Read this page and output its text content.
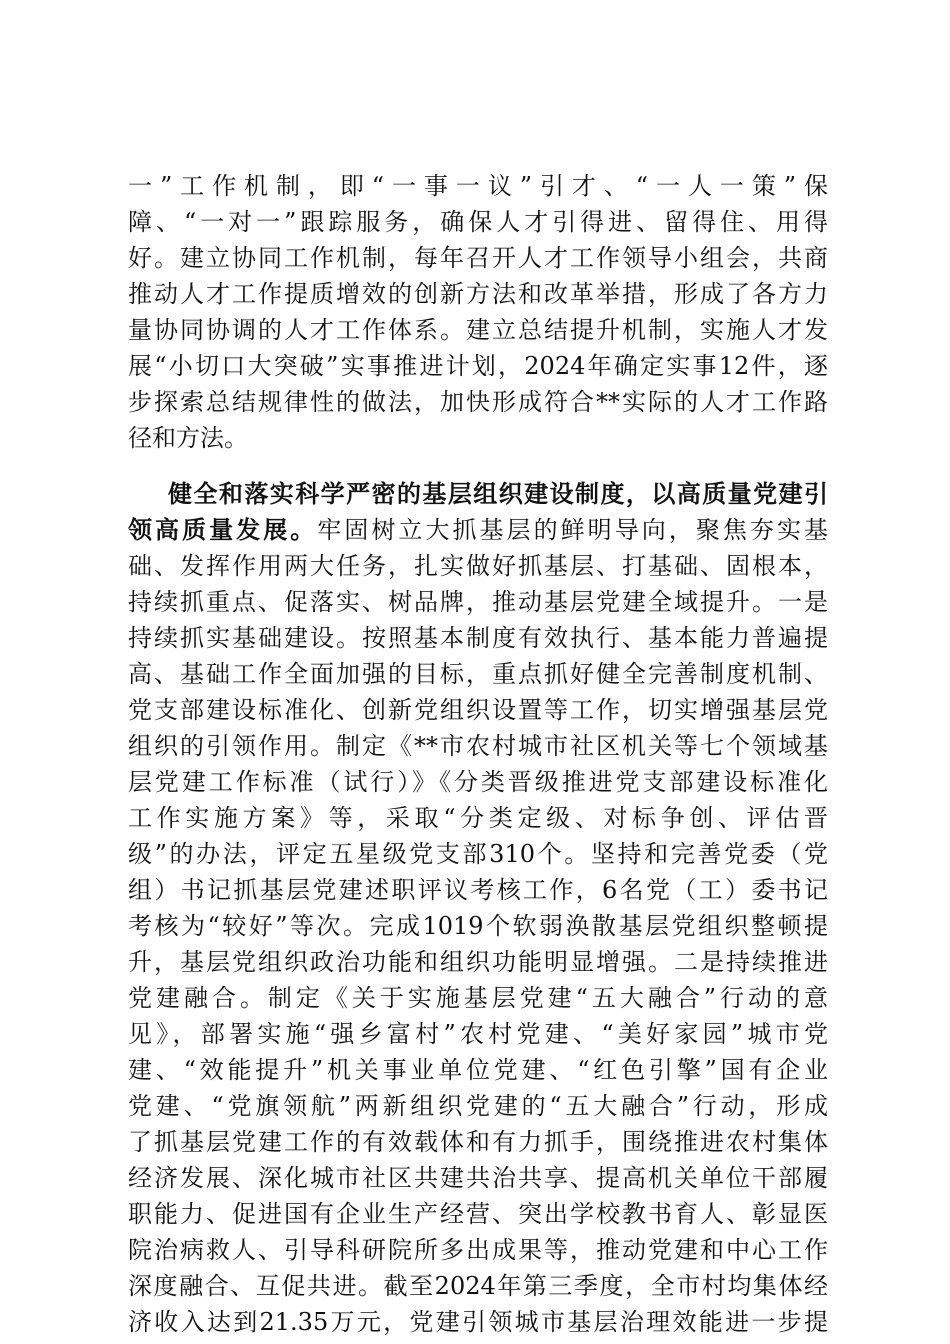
一”工作机制，即“一事一议”引才、“一人一策”保
障、“一对一”跟踪服务，确保人才引得进、留得住、用得
好。建立协同工作机制，每年召开人才工作领导小组会，共商
推动人才工作提质增效的创新方法和改革举措，形成了各方力
量协同协调的人才工作体系。建立总结提升机制，实施人才发
展“小切口大突破”实事推进计划，2024年确定实事12件，逐
步探索总结规律性的做法，加快形成符合**实际的人才工作路
径和方法。
健全和落实科学严密的基层组织建设制度，以高质量党建引
领高质量发展。牢固树立大抓基层的鲜明导向，聚焦夯实基
础、发挥作用两大任务，扎实做好抓基层、打基础、固根本，
持续抓重点、促落实、树品牌，推动基层党建全域提升。一是
持续抓实基础建设。按照基本制度有效执行、基本能力普遍提
高、基础工作全面加强的目标，重点抓好健全完善制度机制、
党支部建设标准化、创新党组织设置等工作，切实增强基层党
组织的引领作用。制定《**市农村城市社区机关等七个领域基
层党建工作标准（试行）》《分类晋级推进党支部建设标准化
工作实施方案》等，采取“分类定级、对标争创、评估晋
级”的办法，评定五星级党支部310个。坚持和完善党委（党
组）书记抓基层党建述职评议考核工作，6名党（工）委书记
考核为“较好”等次。完成1019个软弱涣散基层党组织整顿提
升，基层党组织政治功能和组织功能明显增强。二是持续推进
党建融合。制定《关于实施基层党建“五大融合”行动的意
见》，部署实施“强乡富村”农村党建、“美好家园”城市党
建、“效能提升”机关事业单位党建、“红色引擎”国有企业
党建、“党旗领航”两新组织党建的“五大融合”行动，形成
了抓基层党建工作的有效载体和有力抓手，围绕推进农村集体
经济发展、深化城市社区共建共治共享、提高机关单位干部履
职能力、促进国有企业生产经营、突出学校教书育人、彰显医
院治病救人、引导科研院所多出成果等，推动党建和中心工作
深度融合、互促共进。截至2024年第三季度，全市村均集体经
济收入达到21.35万元，党建引领城市基层治理效能进一步提
